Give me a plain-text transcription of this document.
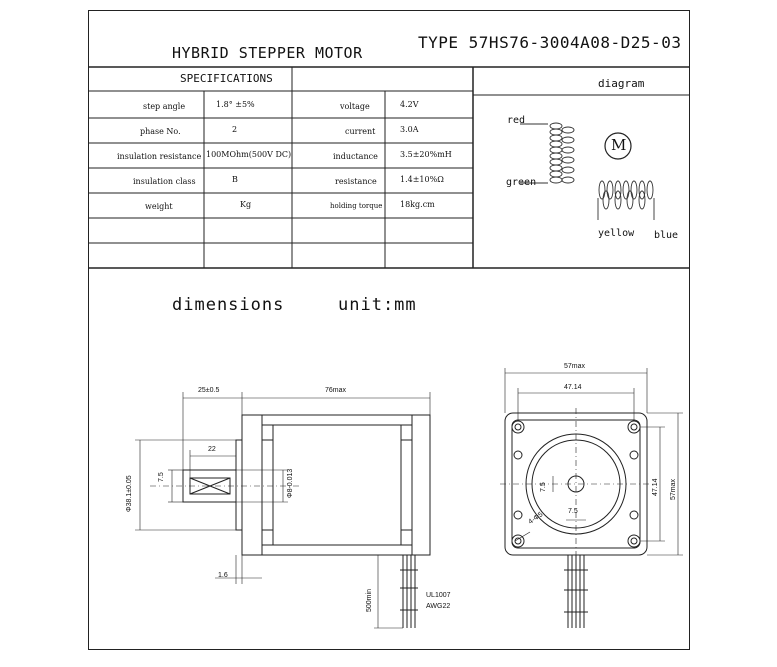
HYBRID STEPPER MOTOR
TYPE 57HS76-3004A08-D25-03
SPECIFICATIONS	diagram
step angle	1.8° ±5%	voltage	4.2V
phase No.	2	current	3.0A
insulation resistance 100MOhm(500V DC)	inductance	3.5±20%mH
insulation class	B	resistance	1.4±10%Ω
weight	Kg	holding torque 18kg.cm
red
green
yellow blue
M
dimensions	unit:mm
25±0.5	76max
22
7.5
Φ38.1±0.05	Φ8-0.013
1.6
500min	UL1007
AWG22
57max
47.14
47.14 57max
7.5
7.5
4-Φ5
